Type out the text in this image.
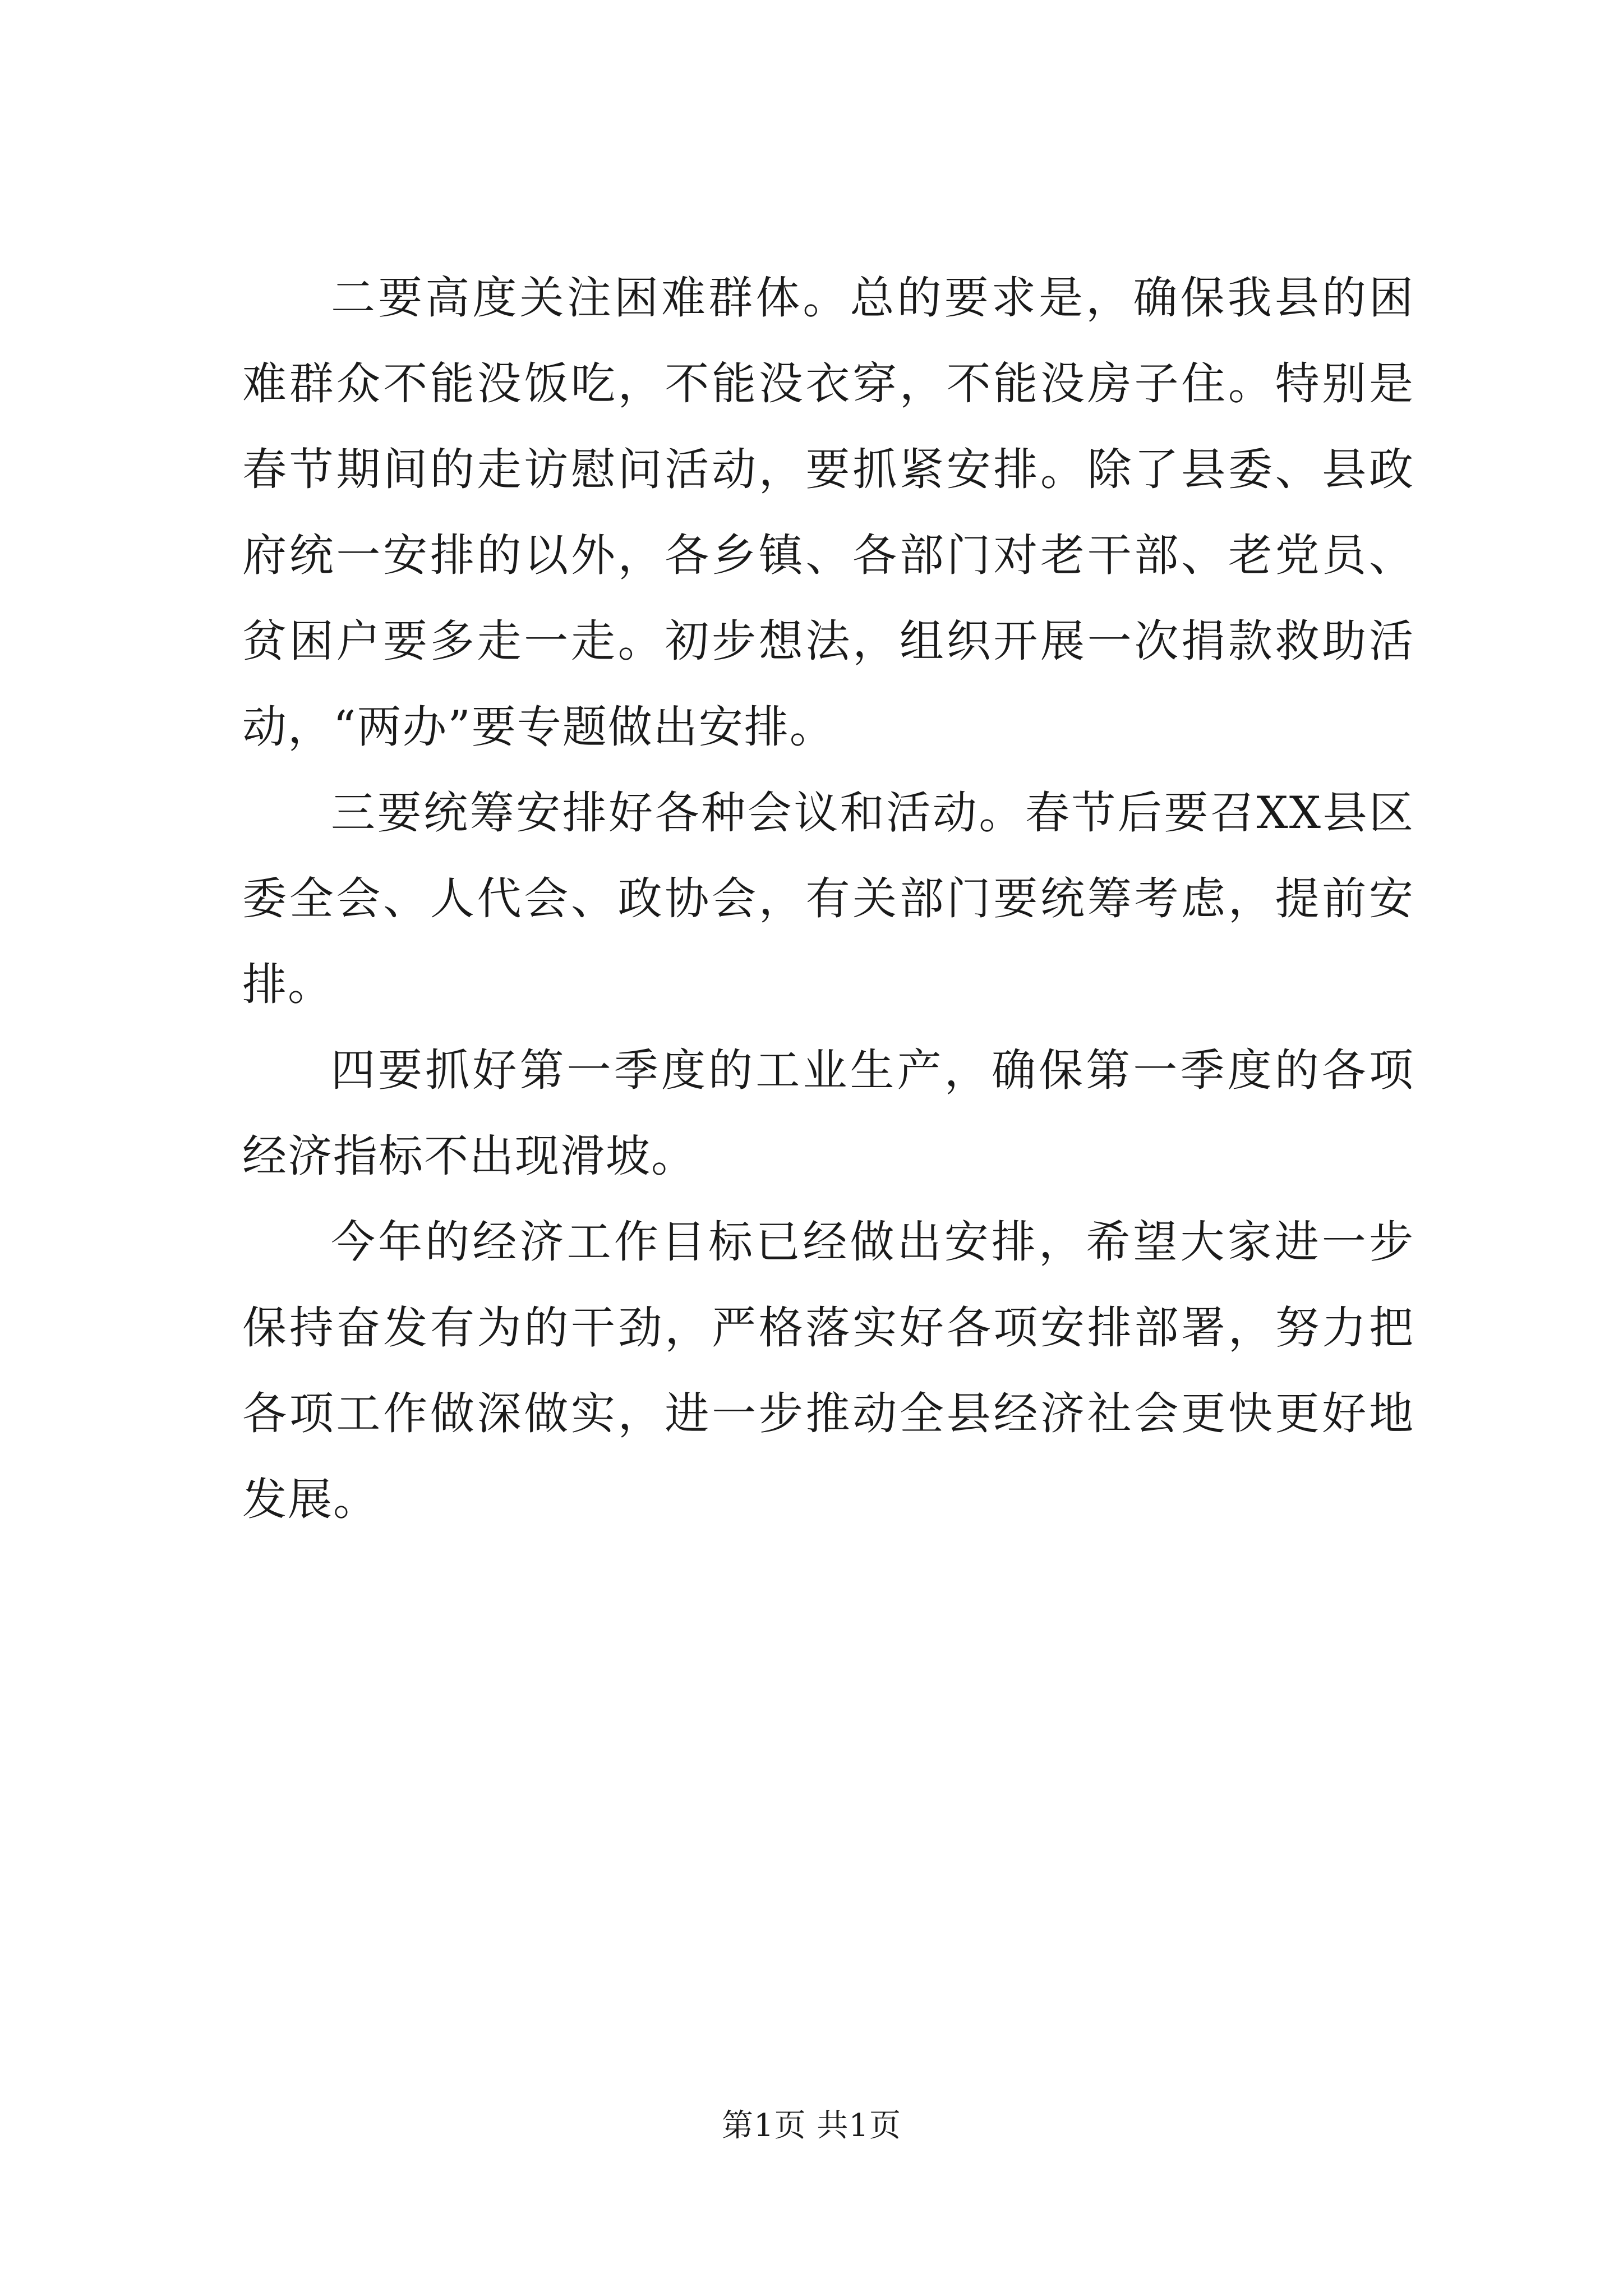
二要高度关注困难群体。总的要求是，确保我县的困难群众不能没饭吃，不能没衣穿，不能没房子住。特别是春节期间的走访慰问活动，要抓紧安排。除了县委、县政府统一安排的以外，各乡镇、各部门对老干部、老党员、贫困户要多走一走。初步想法，组织开展一次捐款救助活动，“两办”要专题做出安排。

三要统筹安排好各种会议和活动。春节后要召XX县区委全会、人代会、政协会，有关部门要统筹考虑，提前安排。

四要抓好第一季度的工业生产，确保第一季度的各项经济指标不出现滑坡。

今年的经济工作目标已经做出安排，希望大家进一步保持奋发有为的干劲，严格落实好各项安排部署，努力把各项工作做深做实，进一步推动全县经济社会更快更好地发展。

第1页 共1页
